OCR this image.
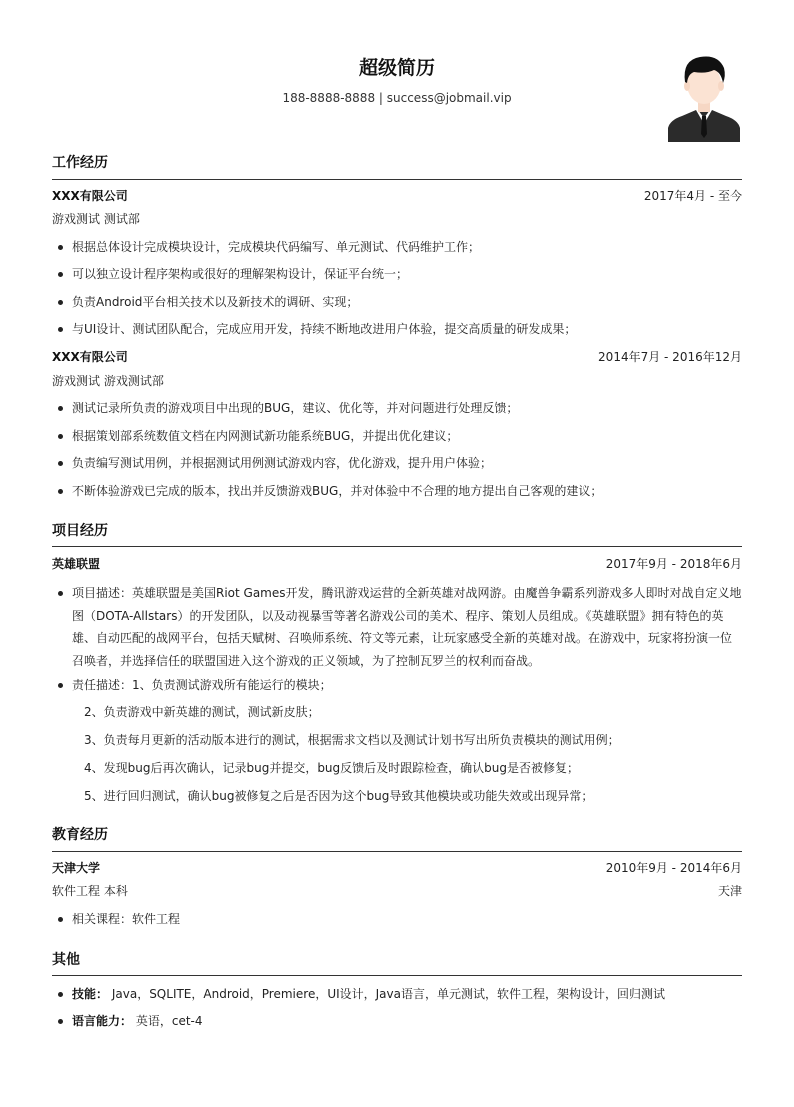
超级简历
188-8888-8888 | success@jobmail.vip
工作经历
XXX有限公司	2017年4月 - 至今
游戏测试 测试部
根据总体设计完成模块设计，完成模块代码编写、单元测试、代码维护工作；
可以独立设计程序架构或很好的理解架构设计，保证平台统一；
负责Android平台相关技术以及新技术的调研、实现；
与UI设计、测试团队配合，完成应用开发，持续不断地改进用户体验，提交高质量的研发成果；
XXX有限公司	2014年7月 - 2016年12月
游戏测试 游戏测试部
测试记录所负责的游戏项目中出现的BUG，建议、优化等，并对问题进行处理反馈；
根据策划部系统数值文档在内网测试新功能系统BUG，并提出优化建议；
负责编写测试用例，并根据测试用例测试游戏内容，优化游戏，提升用户体验；
不断体验游戏已完成的版本，找出并反馈游戏BUG，并对体验中不合理的地方提出自己客观的建议；
项目经历
英雄联盟	2017年9月 - 2018年6月
项目描述：英雄联盟是美国Riot Games开发，腾讯游戏运营的全新英雄对战网游。由魔兽争霸系列游戏多人即时对战自定义地
图（DOTA-Allstars）的开发团队，以及动视暴雪等著名游戏公司的美术、程序、策划人员组成。《英雄联盟》拥有特色的英
雄、自动匹配的战网平台，包括天赋树、召唤师系统、符文等元素，让玩家感受全新的英雄对战。在游戏中，玩家将扮演一位
召唤者，并选择信任的联盟国进入这个游戏的正义领域，为了控制瓦罗兰的权利而奋战。
责任描述：1、负责测试游戏所有能运行的模块；
2、负责游戏中新英雄的测试，测试新皮肤；
3、负责每月更新的活动版本进行的测试，根据需求文档以及测试计划书写出所负责模块的测试用例；
4、发现bug后再次确认，记录bug并提交，bug反馈后及时跟踪检查，确认bug是否被修复；
5、进行回归测试，确认bug被修复之后是否因为这个bug导致其他模块或功能失效或出现异常；
教育经历
天津大学	2010年9月 - 2014年6月
软件工程 本科	天津
相关课程：软件工程
其他
技能： Java，SQLITE，Android，Premiere，UI设计，Java语言，单元测试，软件工程，架构设计，回归测试
语言能力： 英语，cet-4
